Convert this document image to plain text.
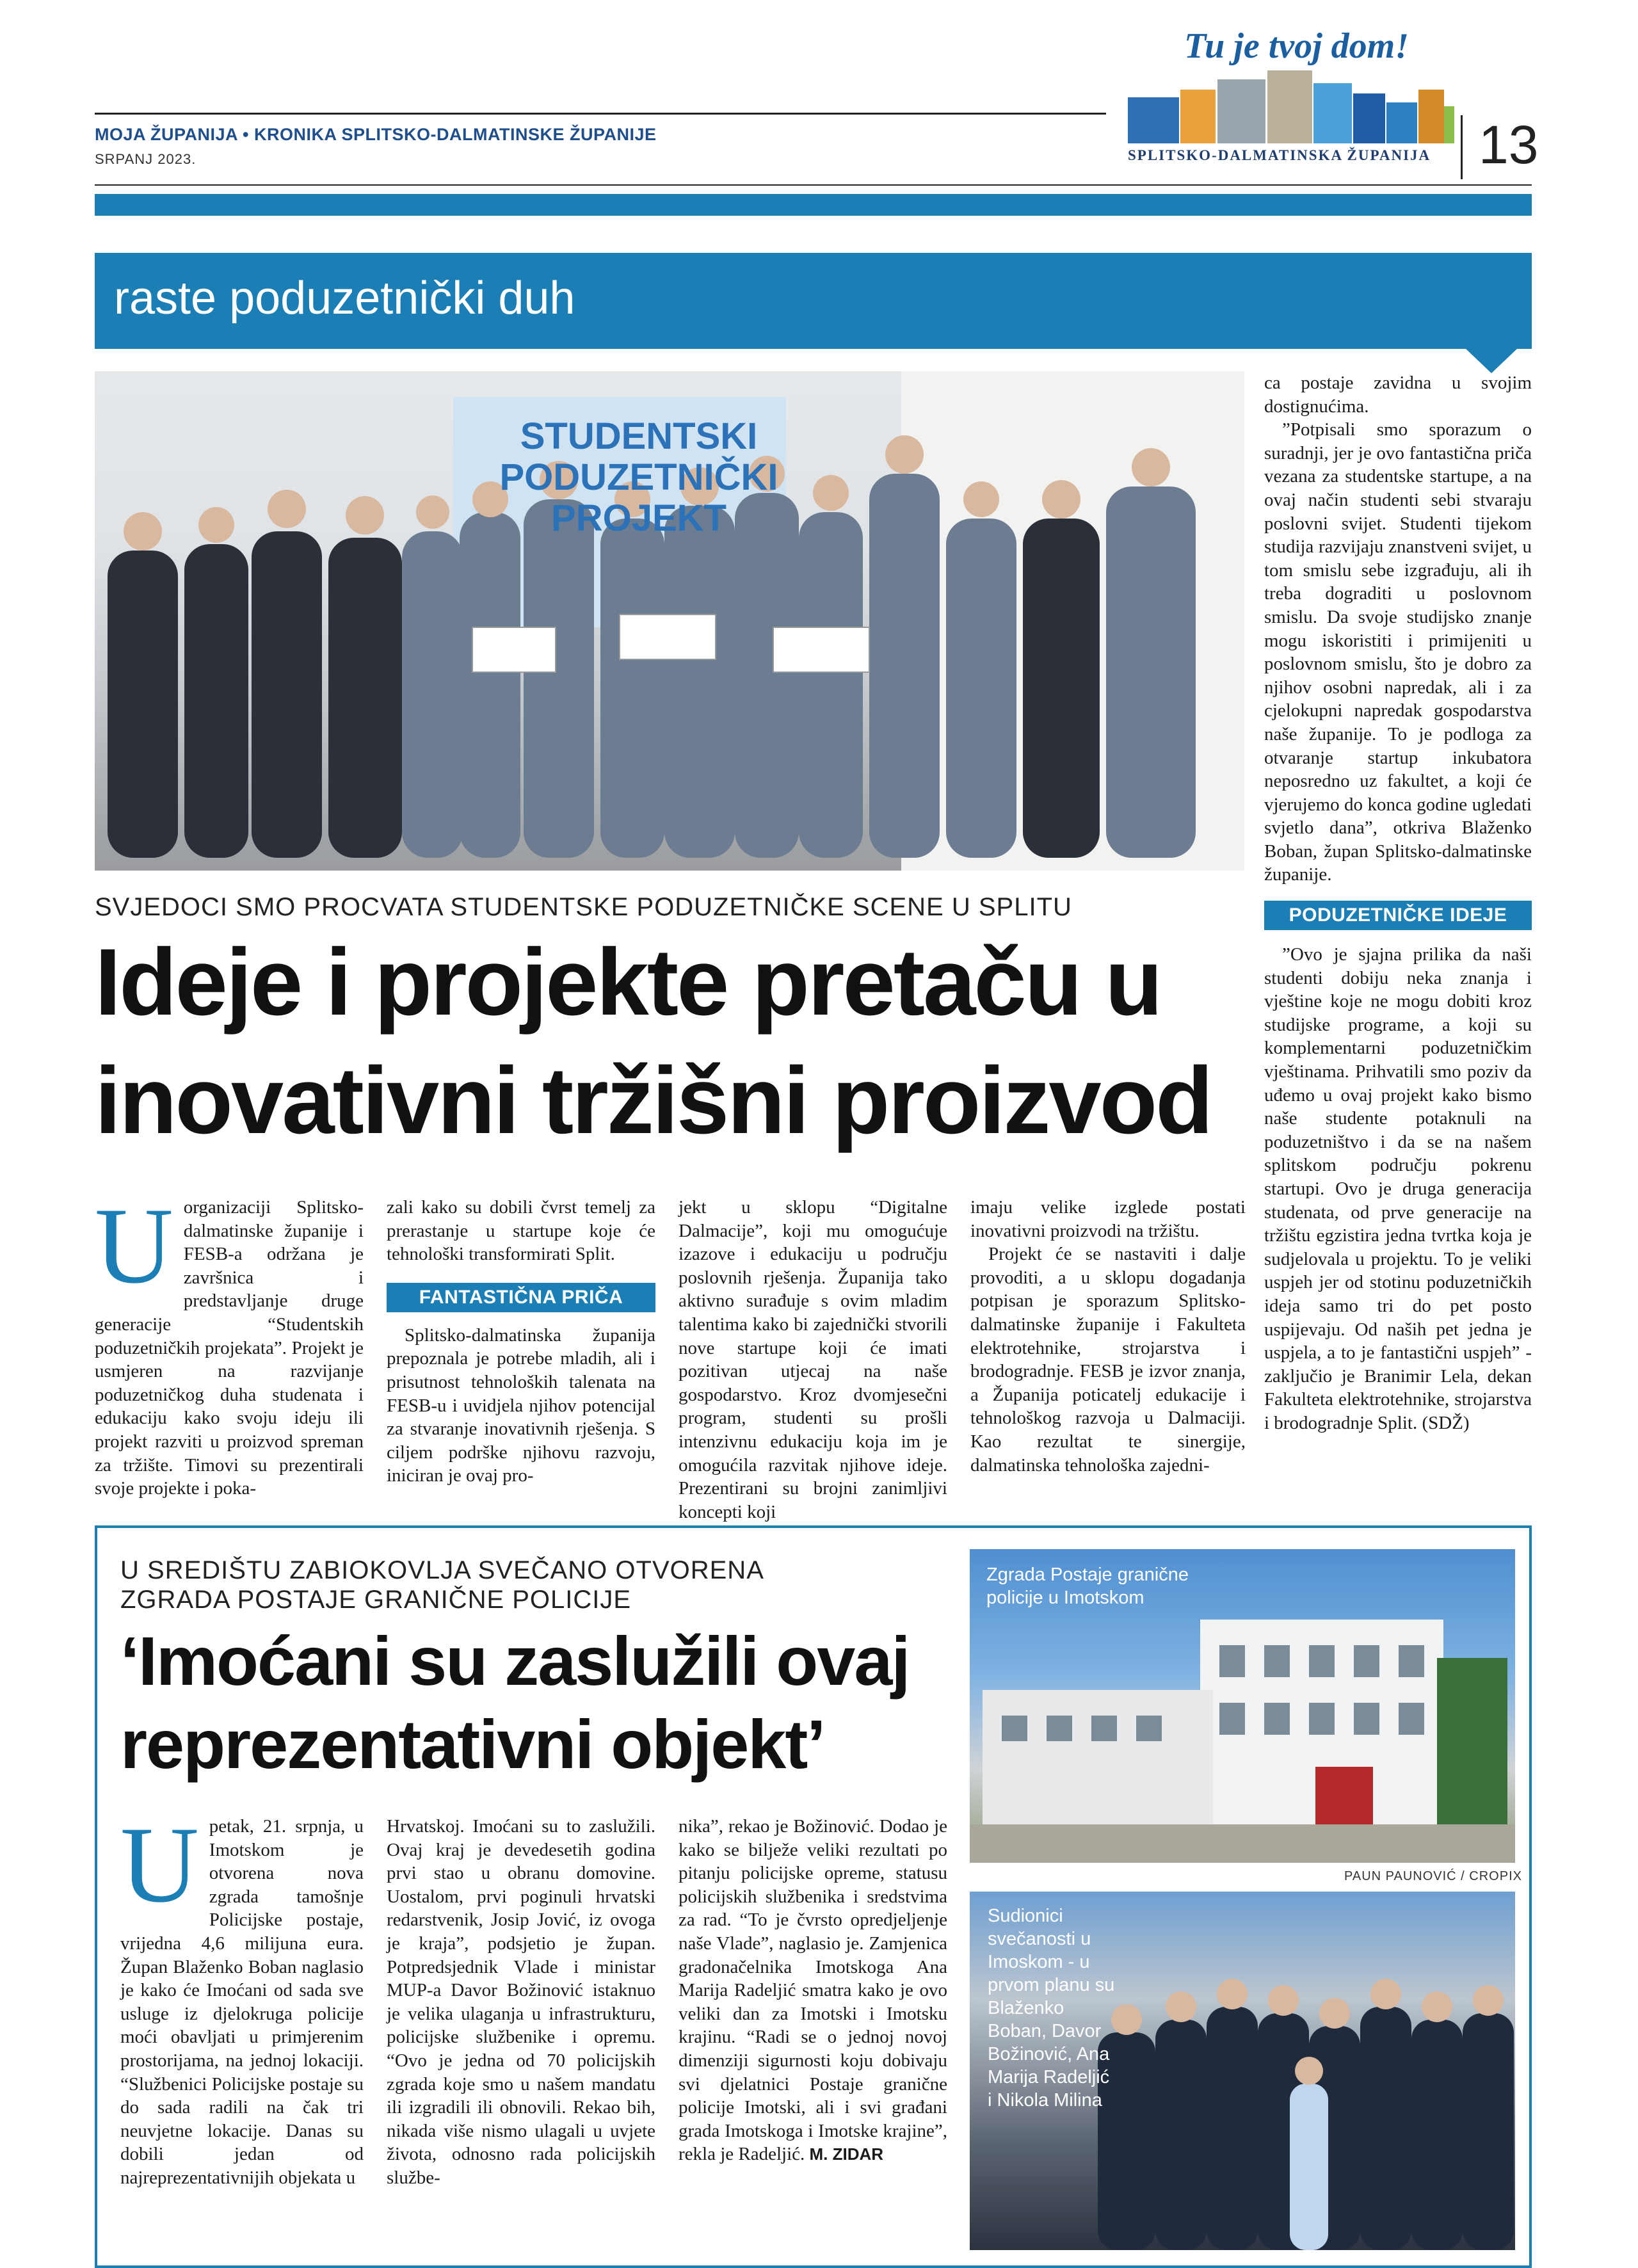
MOJA ŽUPANIJA • KRONIKA SPLITSKO-DALMATINSKE ŽUPANIJE
SRPANJ 2023.	13
Tu je tvoj dom!
SPLITSKO-DALMATINSKA ŽUPANIJA
raste poduzetnički duh
STUDENTSKI PODUZETNIČKI PROJEKT
SVJEDOCI SMO PROCVATA STUDENTSKE PODUZETNIČKE SCENE U SPLITU
Ideje i projekte pretaču u
inovativni tržišni proizvod
U organizaciji Splitsko-dalmatinske županije i FESB-a održana je završnica i predstavljanje druge generacije “Studentskih poduzetničkih projekata”. Projekt je usmjeren na razvijanje poduzetničkog duha studenata i edukaciju kako svoju ideju ili projekt razviti u proizvod spreman za tržište. Timovi su prezentirali svoje projekte i poka-
zali kako su dobili čvrst temelj za prerastanje u startupe koje će tehnološki transformirati Split.
FANTASTIČNA PRIČA

Splitsko-dalmatinska županija prepoznala je potrebe mladih, ali i prisutnost tehnoloških talenata na FESB-u i uvidjela njihov potencijal za stvaranje inovativnih rješenja. S ciljem podrške njihovu razvoju, iniciran je ovaj pro-

jekt u sklopu “Digitalne Dalmacije”, koji mu omogućuje izazove i edukaciju u području poslovnih rješenja. Županija tako aktivno surađuje s ovim mladim talentima kako bi zajednički stvorili nove startupe koji će imati pozitivan utjecaj na naše gospodarstvo. Kroz dvomjesečni program, studenti su prošli intenzivnu edukaciju koja im je omogućila razvitak njihove ideje. Prezentirani su brojni zanimljivi koncepti koji
imaju velike izglede postati inovativni proizvodi na tržištu.

Projekt će se nastaviti i dalje provoditi, a u sklopu dogadanja potpisan je sporazum Splitsko-dalmatinske županije i Fakulteta elektrotehnike, strojarstva i brodogradnje. FESB je izvor znanja, a Županija poticatelj edukacije i tehnološkog razvoja u Dalmaciji. Kao rezultat te sinergije, dalmatinska tehnološka zajedni-

ca postaje zavidna u svojim dostignućima.

”Potpisali smo sporazum o suradnji, jer je ovo fantastična priča vezana za studentske startupe, a na ovaj način studenti sebi stvaraju poslovni svijet. Studenti tijekom studija razvijaju znanstveni svijet, u tom smislu sebe izgrađuju, ali ih treba dograditi u poslovnom smislu. Da svoje studijsko znanje mogu iskoristiti i primijeniti u poslovnom smislu, što je dobro za njihov osobni napredak, ali i za cjelokupni napredak gospodarstva naše županije. To je podloga za otvaranje startup inkubatora neposredno uz fakultet, a koji će vjerujemo do konca godine ugledati svjetlo dana”, otkriva Blaženko Boban, župan Splitsko-dalmatinske županije.

PODUZETNIČKE IDEJE

”Ovo je sjajna prilika da naši studenti dobiju neka znanja i vještine koje ne mogu dobiti kroz studijske programe, a koji su komplementarni poduzetničkim vještinama. Prihvatili smo poziv da uđemo u ovaj projekt kako bismo naše studente potaknuli na poduzetništvo i da se na našem splitskom području pokrenu startupi. Ovo je druga generacija studenata, od prve generacije na tržištu egzistira jedna tvrtka koja je sudjelovala u projektu. To je veliki uspjeh jer od stotinu poduzetničkih ideja samo tri do pet posto uspijevaju. Od naših pet jedna je uspjela, a to je fantastični uspjeh” - zaključio je Branimir Lela, dekan Fakulteta elektrotehnike, strojarstva i brodogradnje Split. (SDŽ)

U SREDIŠTU ZABIOKOVLJA SVEČANO OTVORENA
ZGRADA POSTAJE GRANIČNE POLICIJE
‘Imoćani su zaslužili ovaj
reprezentativni objekt’
U petak, 21. srpnja, u Imotskom je otvorena nova zgrada tamošnje Policijske postaje, vrijedna 4,6 milijuna eura. Župan Blaženko Boban naglasio je kako će Imoćani od sada sve usluge iz djelokruga policije moći obavljati u primjerenim prostorijama, na jednoj lokaciji. “Službenici Policijske postaje su do sada radili na čak tri neuvjetne lokacije. Danas su dobili jedan od najreprezentativnijih objekata u
Hrvatskoj. Imoćani su to zaslužili. Ovaj kraj je devedesetih godina prvi stao u obranu domovine. Uostalom, prvi poginuli hrvatski redarstvenik, Josip Jović, iz ovoga je kraja”, podsjetio je župan. Potpredsjednik Vlade i ministar MUP-a Davor Božinović istaknuo je velika ulaganja u infrastrukturu, policijske službenike i opremu. “Ovo je jedna od 70 policijskih zgrada koje smo u našem mandatu ili izgradili ili obnovili. Rekao bih, nikada više nismo ulagali u uvjete života, odnosno rada policijskih službe-
nika”, rekao je Božinović. Dodao je kako se bilježe veliki rezultati po pitanju policijske opreme, statusu policijskih službenika i sredstvima za rad. “To je čvrsto opredjeljenje naše Vlade”, naglasio je. Zamjenica gradonačelnika Imotskoga Ana Marija Radeljić smatra kako je ovo veliki dan za Imotski i Imotsku krajinu. “Radi se o jednoj novoj dimenziji sigurnosti koju dobivaju svi djelatnici Postaje granične policije Imotski, ali i svi građani grada Imotskoga i Imotske krajine”, rekla je Radeljić. M. ZIDAR
Zgrada Postaje granične policije u Imotskom
PAUN PAUNOVIĆ / CROPIX
Sudionici svečanosti u Imoskom - u prvom planu su Blaženko Boban, Davor Božinović, Ana Marija Radeljić i Nikola Milina
